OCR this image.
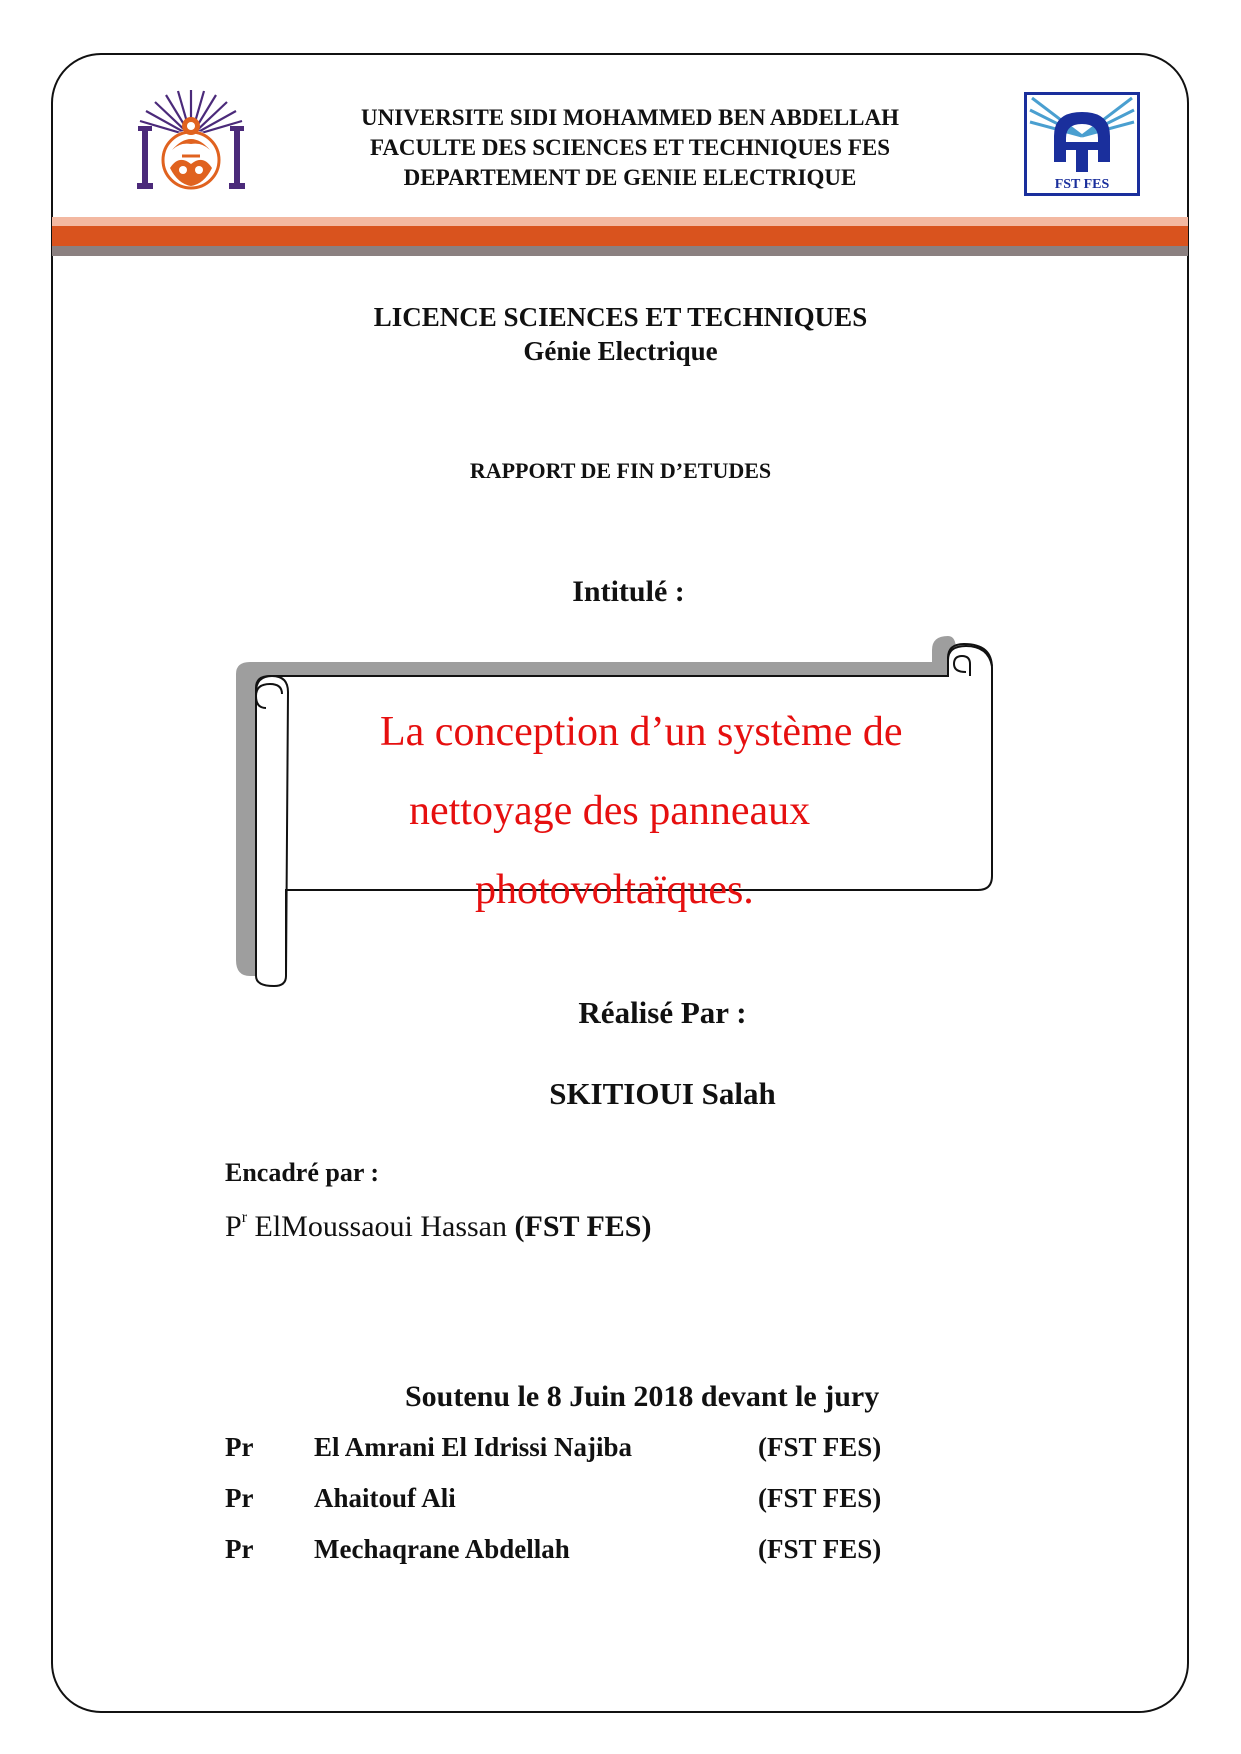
UNIVERSITE SIDI MOHAMMED BEN ABDELLAH
FACULTE DES SCIENCES ET TECHNIQUES FES
DEPARTEMENT DE GENIE ELECTRIQUE	FST FES
LICENCE SCIENCES ET TECHNIQUES
Génie Electrique
RAPPORT DE FIN D’ETUDES
Intitulé :
La conception d’un système de
nettoyage des panneaux
photovoltaïques.
Réalisé Par :
SKITIOUI Salah
Encadré par :
$P^r$ ElMoussaoui Hassan (FST FES)
Soutenu le 8 Juin 2018 devant le jury
Pr El Amrani El Idrissi Najiba	(FST FES)
Pr Ahaitouf Ali	(FST FES)
Pr Mechaqrane Abdellah	(FST FES)
